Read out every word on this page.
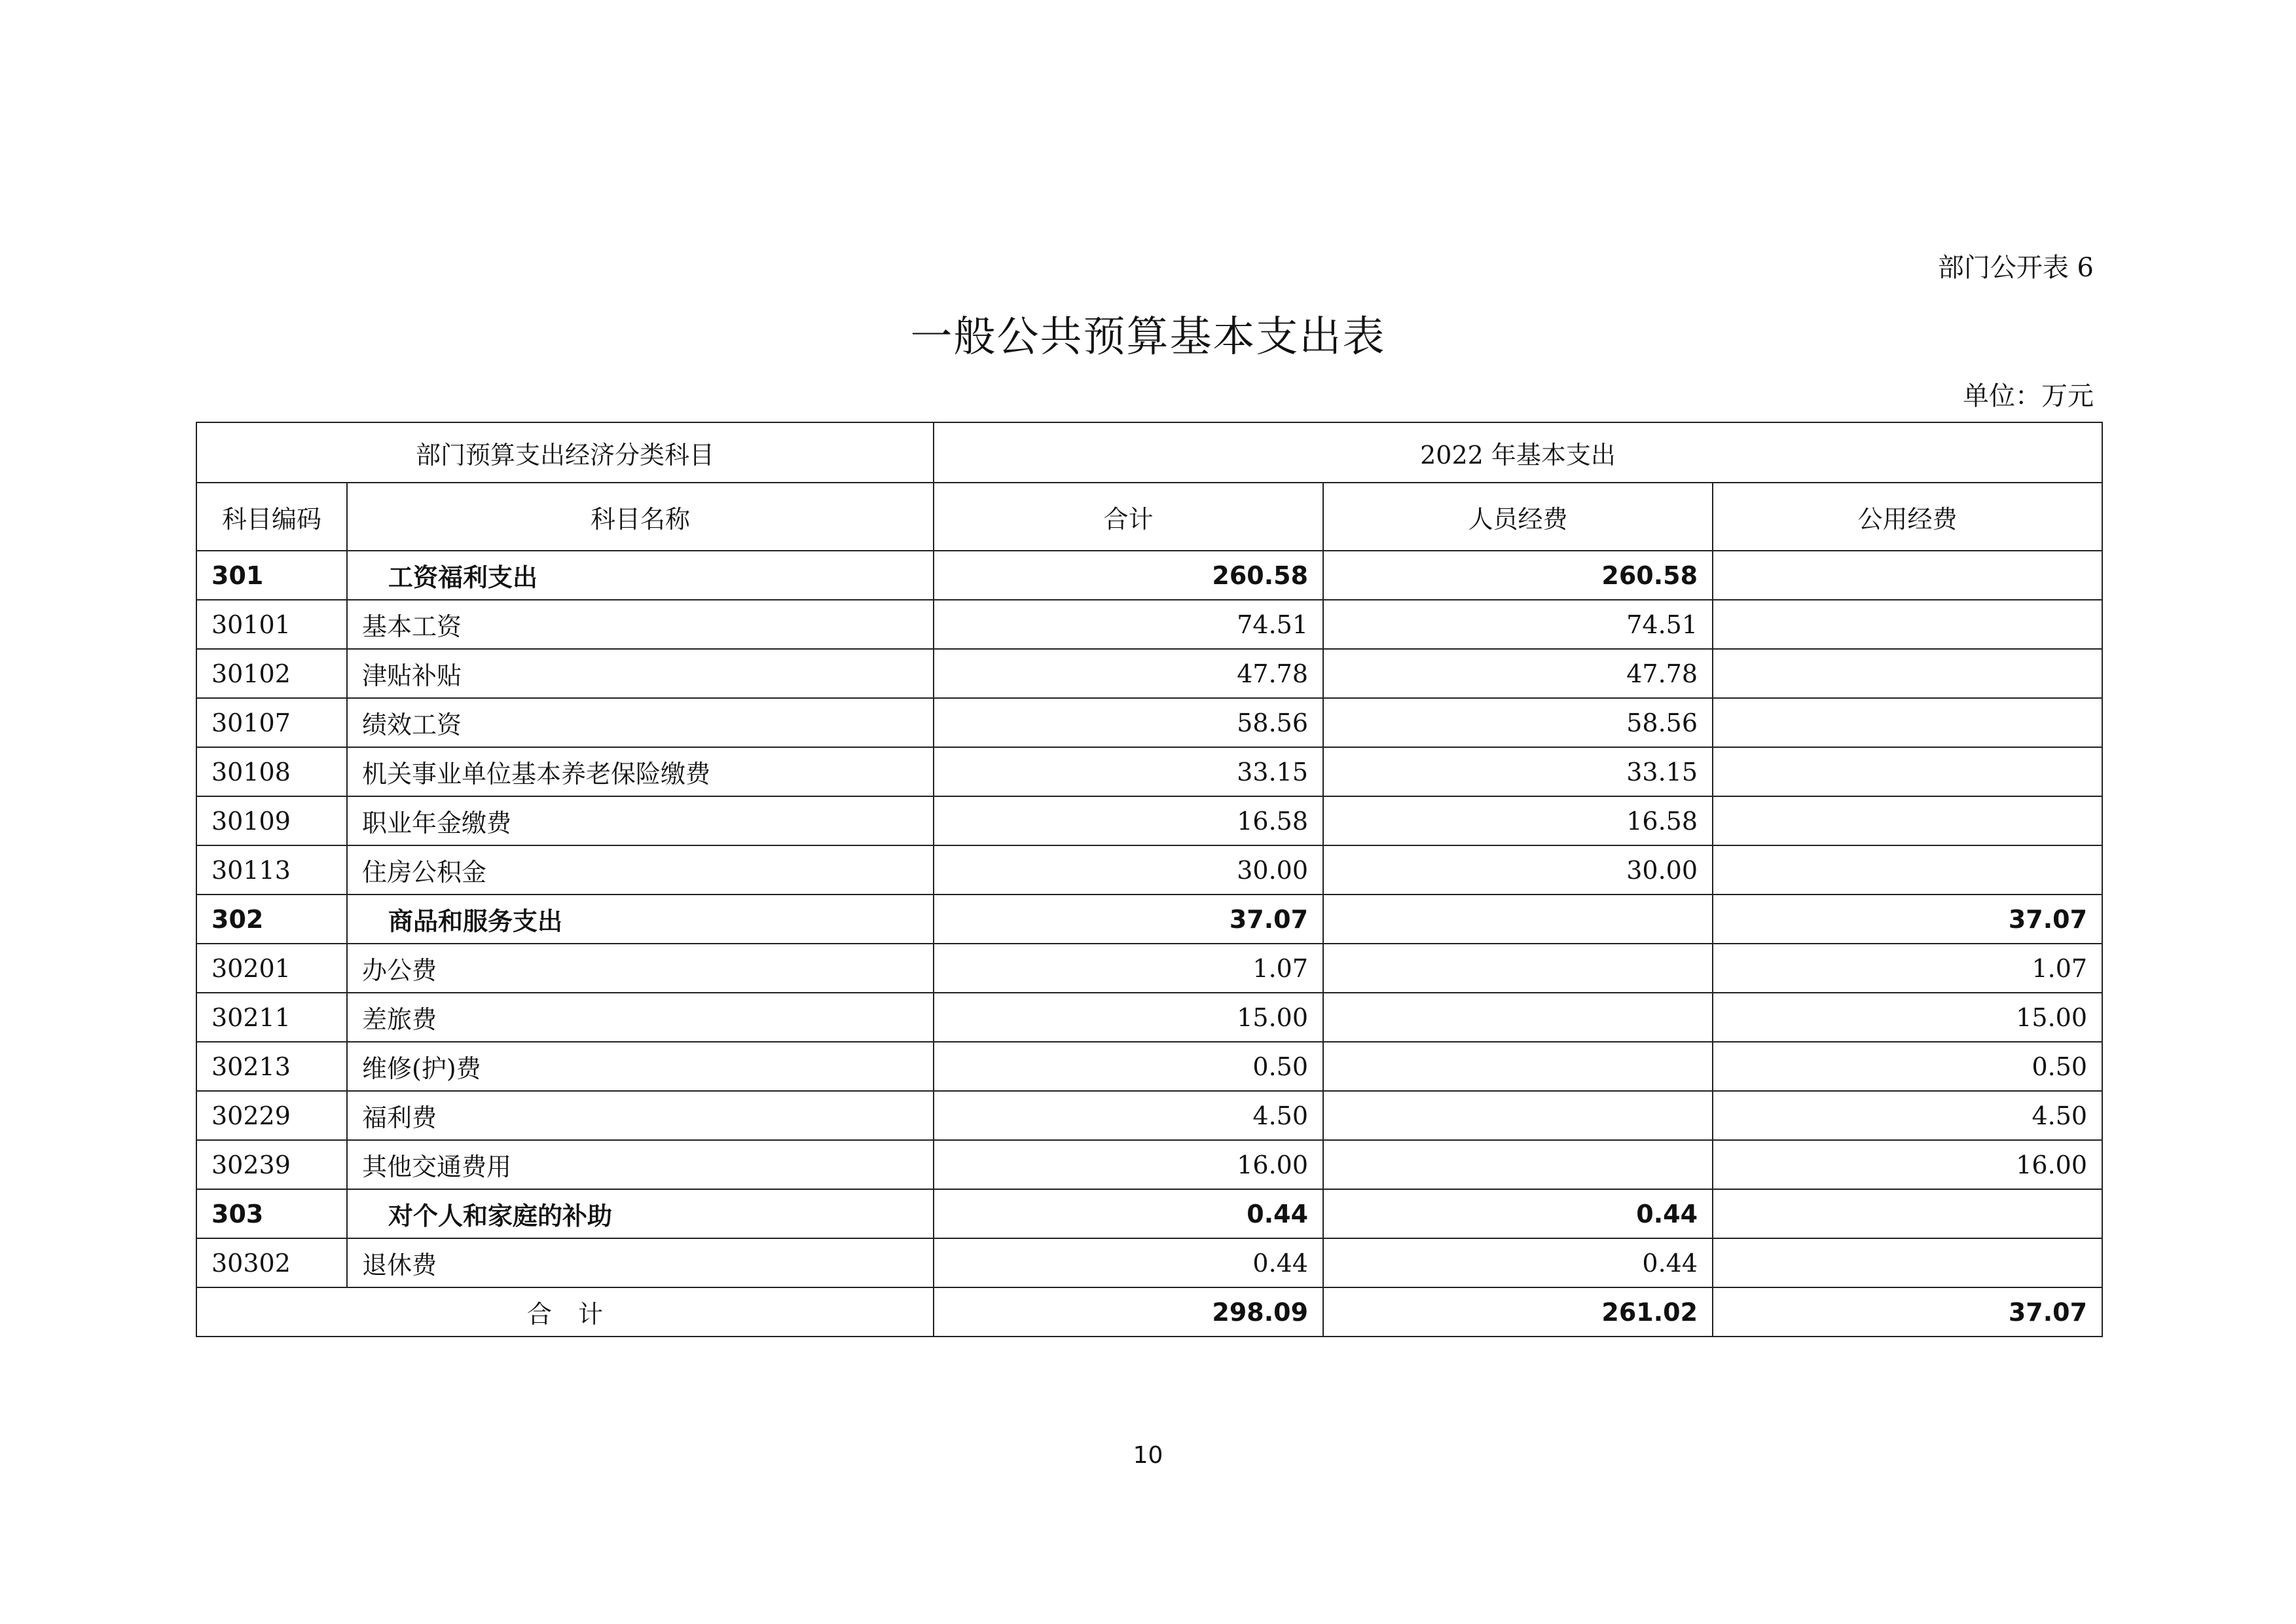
部门公开表 6
一般公共预算基本支出表
单位：万元
部门预算支出经济分类科目		2022 年基本支出		
科目编码	科目名称	合计	人员经费	公用经费
301	工资福利支出	260.58	260.58	
30101	基本工资	74.51	74.51	
30102	津贴补贴	47.78	47.78	
30107	绩效工资	58.56	58.56	
30108	机关事业单位基本养老保险缴费	33.15	33.15	
30109	职业年金缴费	16.58	16.58	
30113	住房公积金	30.00	30.00	
302	商品和服务支出	37.07		37.07
30201	办公费	1.07		1.07
30211	差旅费	15.00		15.00
30213	维修(护)费	0.50		0.50
30229	福利费	4.50		4.50
30239	其他交通费用	16.00		16.00
303	对个人和家庭的补助	0.44	0.44	
30302	退休费	0.44	0.44	
合计		298.09	261.02	37.07
10
